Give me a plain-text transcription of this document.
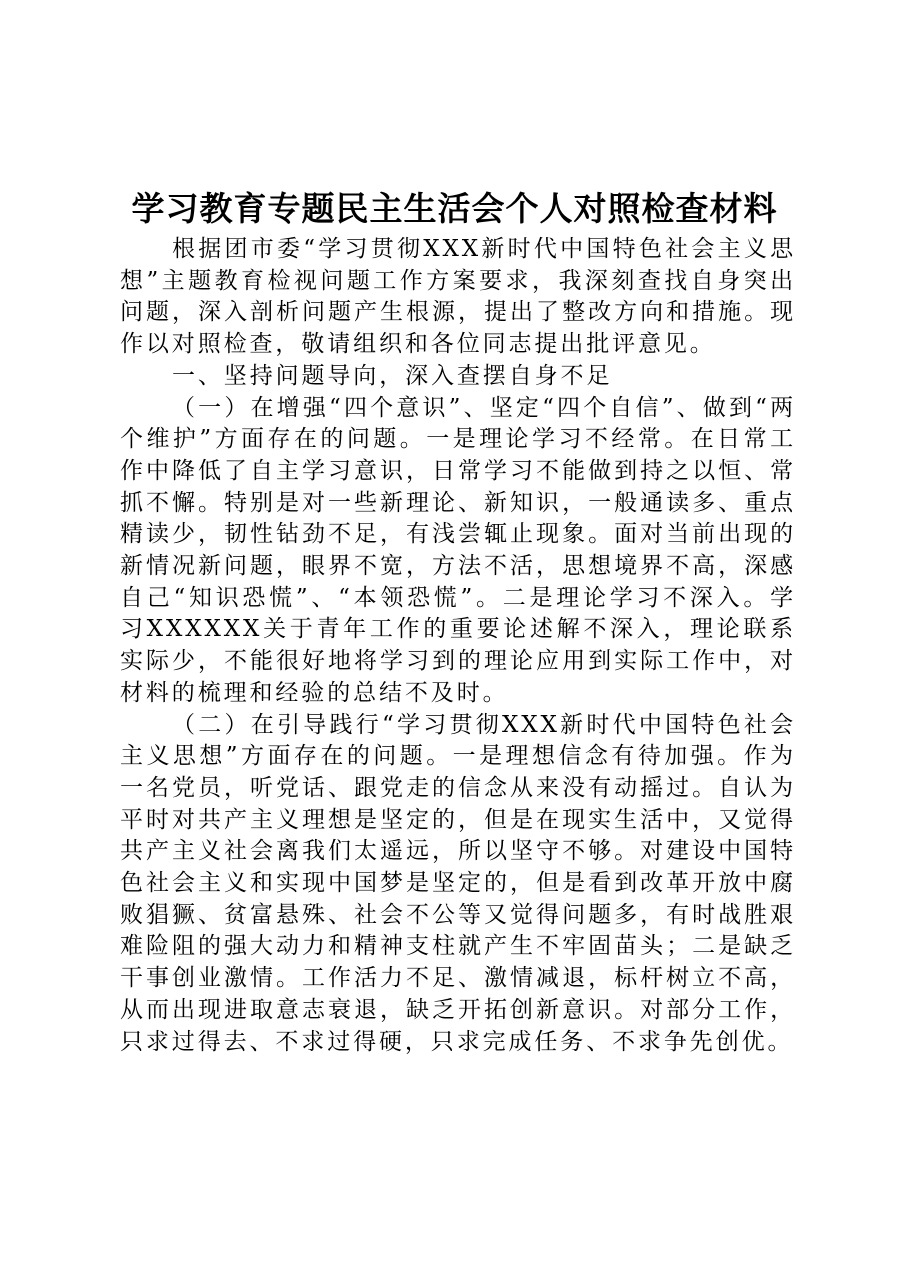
学习教育专题民主生活会个人对照检查材料

根据团市委“学习贯彻XXX新时代中国特色社会主义思想”主题教育检视问题工作方案要求，我深刻查找自身突出问题，深入剖析问题产生根源，提出了整改方向和措施。现作以对照检查，敬请组织和各位同志提出批评意见。

一、坚持问题导向，深入查摆自身不足

（一）在增强“四个意识”、坚定“四个自信”、做到“两个维护”方面存在的问题。一是理论学习不经常。在日常工作中降低了自主学习意识，日常学习不能做到持之以恒、常抓不懈。特别是对一些新理论、新知识，一般通读多、重点精读少，韧性钻劲不足，有浅尝辄止现象。面对当前出现的新情况新问题，眼界不宽，方法不活，思想境界不高，深感自己“知识恐慌”、“本领恐慌”。二是理论学习不深入。学习XXXXXX关于青年工作的重要论述解不深入，理论联系实际少，不能很好地将学习到的理论应用到实际工作中，对材料的梳理和经验的总结不及时。

（二）在引导践行“学习贯彻XXX新时代中国特色社会主义思想”方面存在的问题。一是理想信念有待加强。作为一名党员，听党话、跟党走的信念从来没有动摇过。自认为平时对共产主义理想是坚定的，但是在现实生活中，又觉得共产主义社会离我们太遥远，所以坚守不够。对建设中国特色社会主义和实现中国梦是坚定的，但是看到改革开放中腐败猖獗、贫富悬殊、社会不公等又觉得问题多，有时战胜艰难险阻的强大动力和精神支柱就产生不牢固苗头；二是缺乏干事创业激情。工作活力不足、激情减退，标杆树立不高，从而出现进取意志衰退，缺乏开拓创新意识。对部分工作，只求过得去、不求过得硬，只求完成任务、不求争先创优。
